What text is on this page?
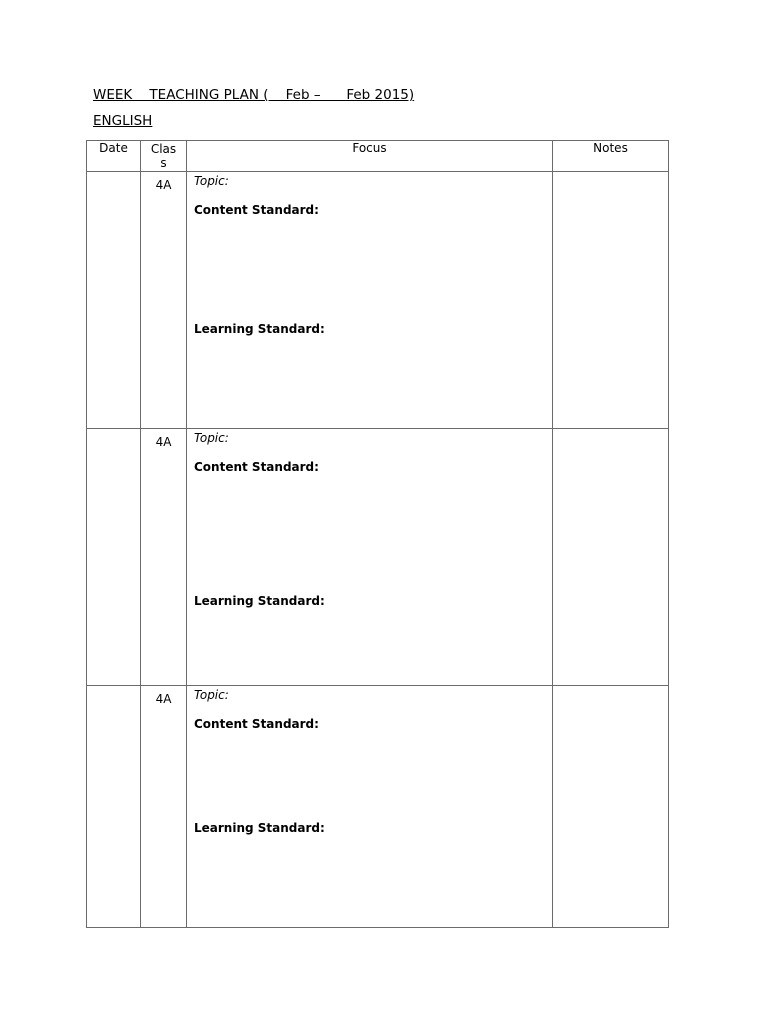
WEEK    TEACHING PLAN (    Feb –      Feb 2015)

ENGLISH

Date	Class	Focus	Notes
	4A	Topic:
Content Standard:
Learning Standard:	

	4A	Topic:
Content Standard:
Learning Standard:	

	4A	Topic:
Content Standard:
Learning Standard:	
